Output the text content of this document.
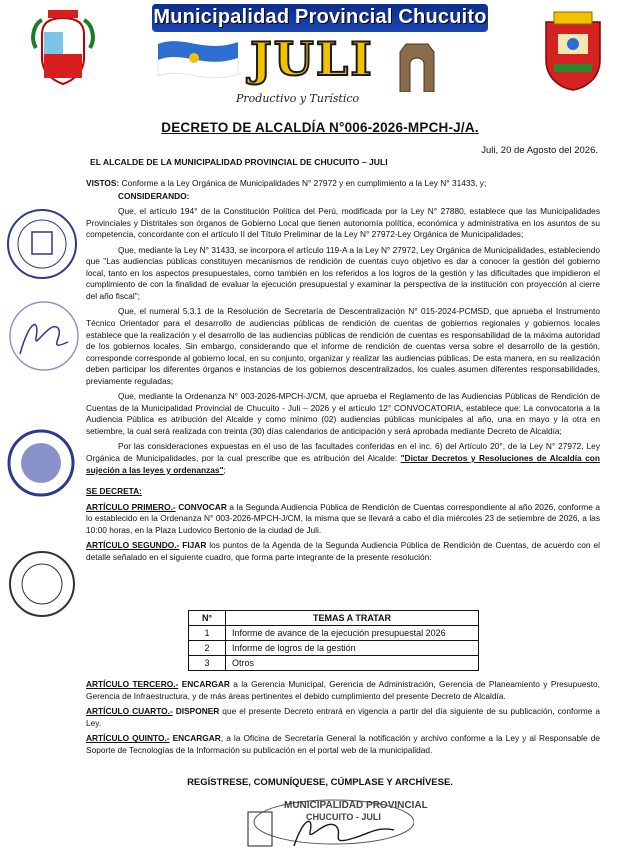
Municipalidad Provincial Chucuito
JULI
Productivo y Turístico
DECRETO DE ALCALDÍA N°006-2026-MPCH-J/A.
Juli, 20 de Agosto del 2026.
EL ALCALDE DE LA MUNICIPALIDAD PROVINCIAL DE CHUCUITO – JULI

VISTOS: Conforme a la Ley Orgánica de Municipalidades N° 27972 y en cumplimiento a la Ley N° 31433, y;

CONSIDERANDO:

Que, el artículo 194° de la Constitución Política del Perú, modificada por la Ley N° 27880, establece que las Municipalidades Provinciales y Distritales son órganos de Gobierno Local que tienen autonomía política, económica y administrativa en los asuntos de su competencia, concordante con el artículo II del Título Preliminar de la Ley N° 27972-Ley Orgánica de Municipalidades;

Que, mediante la Ley N° 31433, se incorpora el artículo 119-A a la Ley N° 27972, Ley Orgánica de Municipalidades, estableciendo que "Las audiencias públicas constituyen mecanismos de rendición de cuentas cuyo objetivo es dar a conocer la gestión del gobierno local, tanto en los aspectos presupuestales, como también en los referidos a los logros de la gestión y las dificultades que impidieron el cumplimiento de con la finalidad de evaluar la ejecución presupuestal y examinar la perspectiva de la institución con proyección al cierre del año fiscal";

Que, el numeral 5.3.1 de la Resolución de Secretaría de Descentralización N° 015-2024-PCMSD, que aprueba el Instrumento Técnico Orientador para el desarrollo de audiencias públicas de rendición de cuentas de gobiernos regionales y gobiernos locales establece que la realización y el desarrollo de las audiencias públicas de rendición de cuentas es responsabilidad de la máxima autoridad de los gobiernos locales. Sin embargo, considerando que el informe de rendición de cuentas versa sobre el desarrollo de la gestión, corresponde corresponde al gobierno local, en su conjunto, organizar y realizar las audiencias públicas. De esta manera, en su realización deben participar los diferentes órganos e instancias de los gobiernos descentralizados, los cuales asumen diferentes responsabilidades, previamente reguladas;

Que, mediante la Ordenanza N° 003-2026-MPCH-J/CM, que aprueba el Reglamento de las Audiencias Públicas de Rendición de Cuentas de la Municipalidad Provincial de Chucuito - Juli – 2026 y el artículo 12° CONVOCATORIA, establece que: La convocatoria a la Audiencia Pública es atribución del Alcalde y como mínimo (02) audiencias públicas municipales al año, una en mayo y la otra en setiembre, la cual será realizada con treinta (30) días calendarios de anticipación y será aprobada mediante Decreto de Alcaldía;

Por las consideraciones expuestas en el uso de las facultades conferidas en el inc. 6) del Artículo 20°, de la Ley N° 27972, Ley Orgánica de Municipalidades, por la cual prescribe que es atribución del Alcalde: "Dictar Decretos y Resoluciones de Alcaldía con sujeción a las leyes y ordenanzas";

SE DECRETA:

ARTÍCULO PRIMERO.- CONVOCAR a la Segunda Audiencia Pública de Rendición de Cuentas correspondiente al año 2026, conforme a lo establecido en la Ordenanza N° 003-2026-MPCH-J/CM, la misma que se llevará a cabo el día miércoles 23 de setiembre de 2026, a las 10:00 horas, en la Plaza Ludovico Bertonio de la ciudad de Juli.

ARTÍCULO SEGUNDO.- FIJAR los puntos de la Agenda de la Segunda Audiencia Pública de Rendición de Cuentas, de acuerdo con el detalle señalado en el siguiente cuadro, que forma parte integrante de la presente resolución:

N°	TEMAS A TRATAR
1	Informe de avance de la ejecución presupuestal 2026
2	Informe de logros de la gestión
3	Otros

ARTÍCULO TERCERO.- ENCARGAR a la Gerencia Municipal, Gerencia de Administración, Gerencia de Planeamiento y Presupuesto, Gerencia de Infraestructura, y de más áreas pertinentes el debido cumplimiento del presente Decreto de Alcaldía.

ARTÍCULO CUARTO.- DISPONER que el presente Decreto entrará en vigencia a partir del día siguiente de su publicación, conforme a Ley.

ARTÍCULO QUINTO.- ENCARGAR, a la Oficina de Secretaría General la notificación y archivo conforme a la Ley y al Responsable de Soporte de Tecnologías de la Información su publicación en el portal web de la municipalidad.

REGÍSTRESE, COMUNÍQUESE, CÚMPLASE Y ARCHÍVESE.
MUNICIPALIDAD PROVINCIAL
CHUCUITO - JULI
